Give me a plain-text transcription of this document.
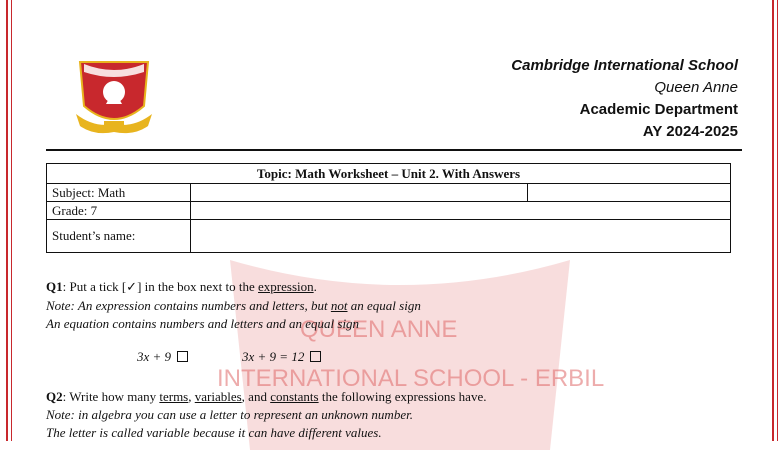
QUEEN ANNE
INTERNATIONAL SCHOOL - ERBIL
Cambridge International School
Queen Anne
Academic Department
AY 2024-2025
Topic: Math Worksheet – Unit 2. With Answers		
Subject: Math		
Grade: 7		
Student’s name:		
Q1: Put a tick [✓] in the box next to the expression.
Note: An expression contains numbers and letters, but not an equal sign
An equation contains numbers and letters and an equal sign
3x + 9	3x + 9 = 12
Q2: Write how many terms, variables, and constants the following expressions have.
Note: in algebra you can use a letter to represent an unknown number.
The letter is called variable because it can have different values.
